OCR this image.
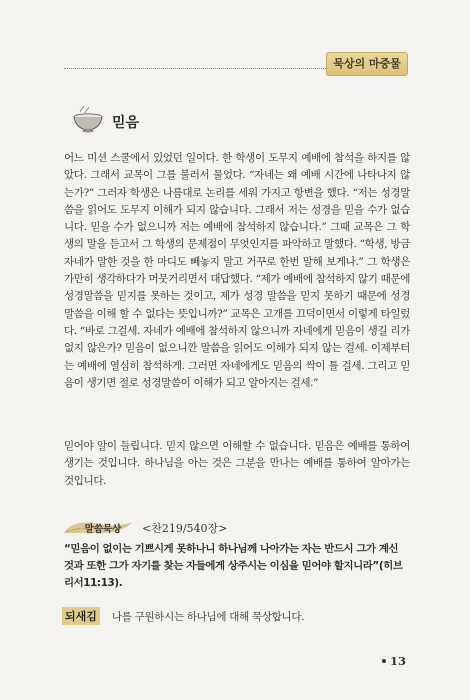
묵상의 마중물
믿음

어느 미션 스쿨에서 있었던 일이다. 한 학생이 도무지 예배에 참석을 하지를 않았다. 그래서 교목이 그를 불러서 물었다. “자네는 왜 예배 시간에 나타나지 않는가?” 그러자 학생은 나름대로 논리를 세워 가지고 항변을 했다. “저는 성경말씀을 읽어도 도무지 이해가 되지 않습니다. 그래서 저는 성경을 믿을 수가 없습니다. 믿을 수가 없으니까 저는 예배에 참석하지 않습니다.” 그때 교목은 그 학생의 말을 듣고서 그 학생의 문제점이 무엇인지를 파악하고 말했다. “학생, 방금 자네가 말한 것을 한 마디도 빼놓지 말고 거꾸로 한번 말해 보게나.” 그 학생은 가만히 생각하다가 머뭇거리면서 대답했다. “제가 예배에 참석하지 않기 때문에 성경말씀을 믿지를 못하는 것이고, 제가 성경 말씀을 믿지 못하기 때문에 성경 말씀을 이해 할 수 없다는 뜻입니까?” 교목은 고개를 끄덕이면서 이렇게 타일렀다. “바로 그걸세. 자네가 예배에 참석하지 않으니까 자네에게 믿음이 생길 리가 없지 않은가? 믿음이 없으니깐 말씀을 읽어도 이해가 되지 않는 걸세. 이제부터는 예배에 열심히 참석하게. 그러면 자네에게도 믿음의 싹이 틀 걸세. 그리고 믿음이 생기면 절로 성경말씀이 이해가 되고 알아지는 걸세.”

믿어야 알이 들립니다. 믿지 않으면 이해할 수 없습니다. 믿음은 예배를 통하여 생기는 것입니다. 하나님을 아는 것은 그분을 만나는 예배를 통하여 알아가는 것입니다.

말씀묵상 <찬219/540장>

“믿음이 없이는 기쁘시게 못하나니 하나님께 나아가는 자는 반드시 그가 계신 것과 또한 그가 자기를 찾는 자들에게 상주시는 이심을 믿어야 할지니라”(히브리서11:13).

되새김 나를 구원하시는 하나님에 대해 묵상합니다.
13
